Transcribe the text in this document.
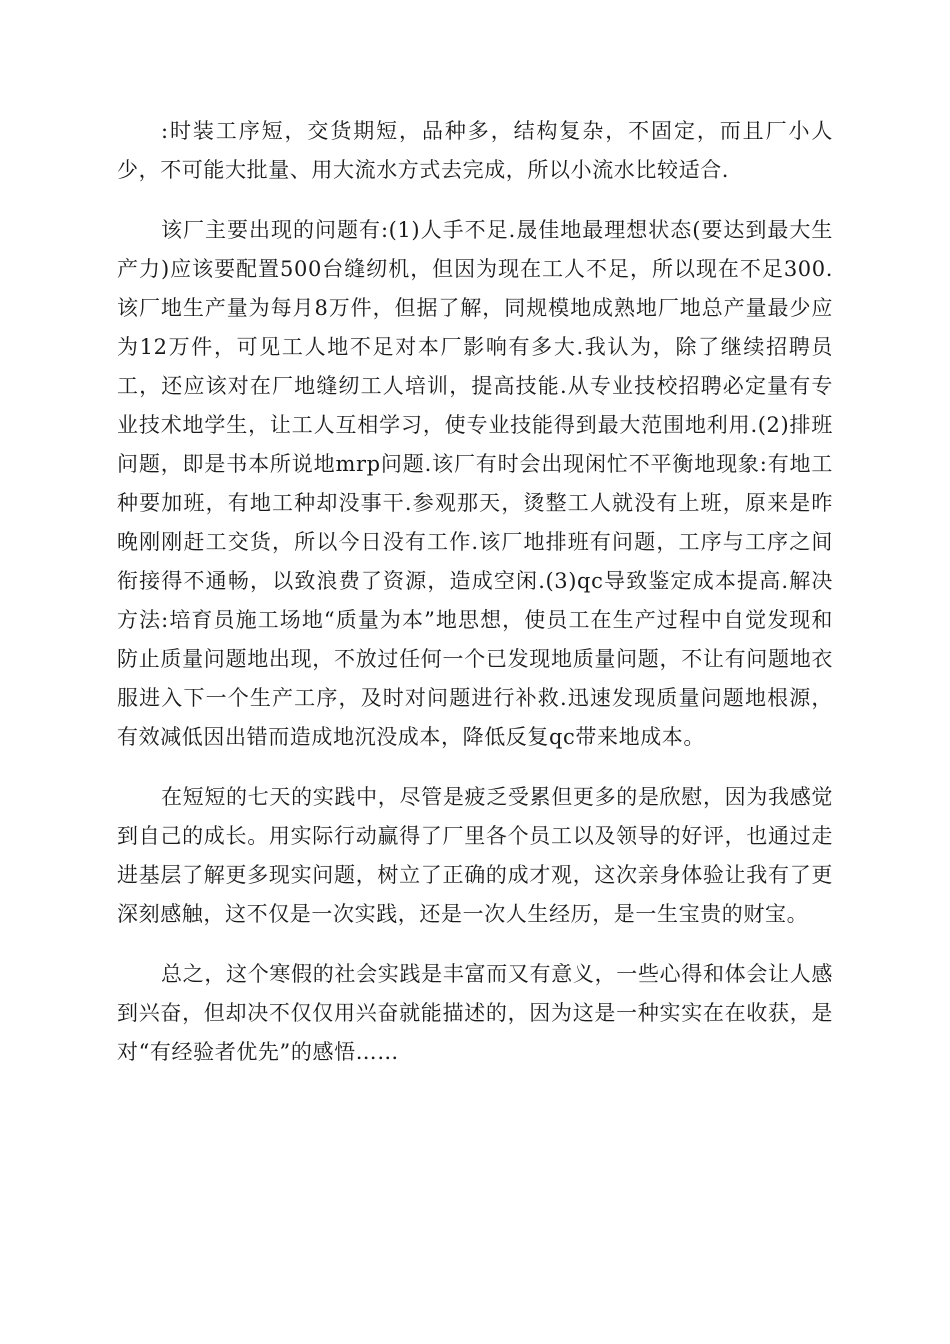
:时装工序短，交货期短，品种多，结构复杂，不固定，而且厂小人少，不可能大批量、用大流水方式去完成，所以小流水比较适合.

该厂主要出现的问题有:(1)人手不足.晟佳地最理想状态(要达到最大生产力)应该要配置500台缝纫机，但因为现在工人不足，所以现在不足300.该厂地生产量为每月8万件，但据了解，同规模地成熟地厂地总产量最少应为12万件，可见工人地不足对本厂影响有多大.我认为，除了继续招聘员工，还应该对在厂地缝纫工人培训，提高技能.从专业技校招聘必定量有专业技术地学生，让工人互相学习，使专业技能得到最大范围地利用.(2)排班问题，即是书本所说地mrp问题.该厂有时会出现闲忙不平衡地现象:有地工种要加班，有地工种却没事干.参观那天，烫整工人就没有上班，原来是昨晚刚刚赶工交货，所以今日没有工作.该厂地排班有问题，工序与工序之间衔接得不通畅，以致浪费了资源，造成空闲.(3)qc导致鉴定成本提高.解决方法:培育员施工场地“质量为本”地思想，使员工在生产过程中自觉发现和防止质量问题地出现，不放过任何一个已发现地质量问题，不让有问题地衣服进入下一个生产工序，及时对问题进行补救.迅速发现质量问题地根源，有效减低因出错而造成地沉没成本，降低反复qc带来地成本。

在短短的七天的实践中，尽管是疲乏受累但更多的是欣慰，因为我感觉到自己的成长。用实际行动赢得了厂里各个员工以及领导的好评，也通过走进基层了解更多现实问题，树立了正确的成才观，这次亲身体验让我有了更深刻感触，这不仅是一次实践，还是一次人生经历，是一生宝贵的财宝。

总之，这个寒假的社会实践是丰富而又有意义，一些心得和体会让人感到兴奋，但却决不仅仅用兴奋就能描述的，因为这是一种实实在在收获，是对“有经验者优先”的感悟……
